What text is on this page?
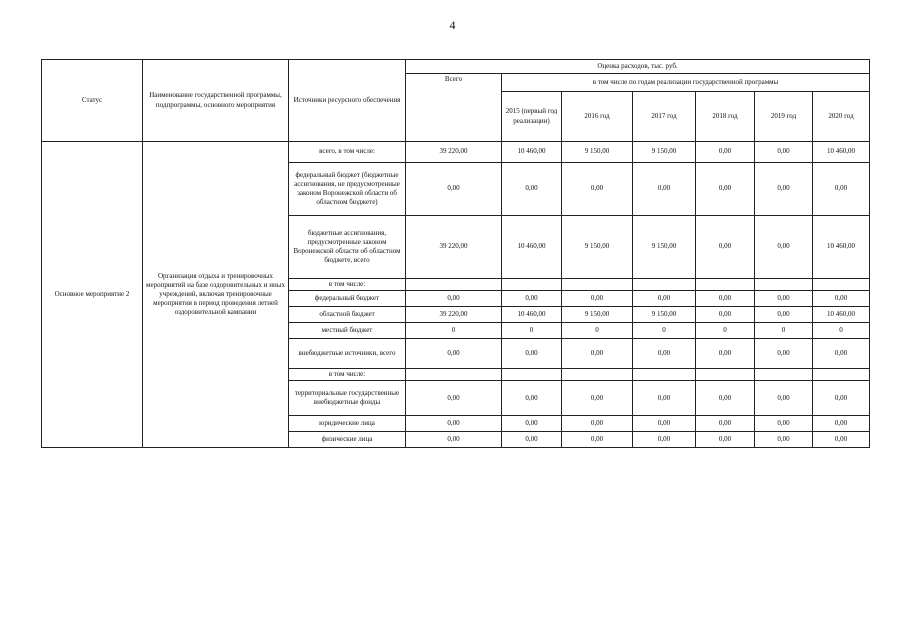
4
Статус	Наименование государственной программы, подпрограммы, основного мероприятия	Источники ресурсного обеспечения	Оценка расходов, тыс. руб.						
			Всего	в том числе по годам реализации государственной программы					
				2015 (первый год реализации)	2016 год	2017 год	2018 год	2019 год	2020 год
Основное мероприятие 2	Организация отдыха и тренировочных мероприятий на базе оздоровительных и иных учреждений, включая тренировочные мероприятия в период проведения летней оздоровительной кампании	всего, в том числе:	39 220,00	10 460,00	9 150,00	9 150,00	0,00	0,00	10 460,00
		федеральный бюджет (бюджетные ассигнования, не предусмотренные законом Воронежской области об областном бюджете)	0,00	0,00	0,00	0,00	0,00	0,00	0,00
		бюджетные ассигнования, предусмотренные законом Воронежской области об областном бюджете, всего	39 220,00	10 460,00	9 150,00	9 150,00	0,00	0,00	10 460,00
		в том числе:							
		федеральный бюджет	0,00	0,00	0,00	0,00	0,00	0,00	0,00
		областной бюджет	39 220,00	10 460,00	9 150,00	9 150,00	0,00	0,00	10 460,00
		местный бюджет	0	0	0	0	0	0	0
		внебюджетные источники, всего	0,00	0,00	0,00	0,00	0,00	0,00	0,00
		в том числе:							
		территориальные государственные внебюджетные фонды	0,00	0,00	0,00	0,00	0,00	0,00	0,00
		юридические лица	0,00	0,00	0,00	0,00	0,00	0,00	0,00
		физические лица	0,00	0,00	0,00	0,00	0,00	0,00	0,00
